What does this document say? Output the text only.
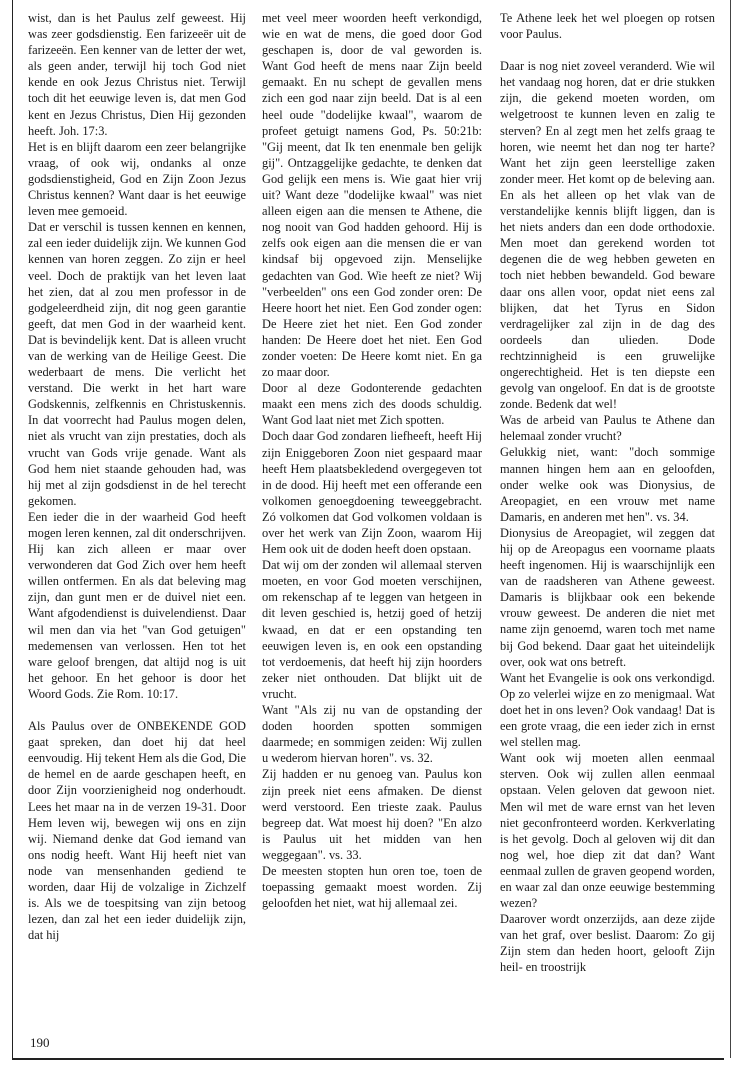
wist, dan is het Paulus zelf geweest. Hij was zeer godsdienstig. Een farizeeër uit de farizeeën. Een kenner van de letter der wet, als geen ander, terwijl hij toch God niet kende en ook Jezus Christus niet. Terwijl toch dit het eeuwige leven is, dat men God kent en Jezus Christus, Dien Hij gezonden heeft. Joh. 17:3.

Het is en blijft daarom een zeer belangrijke vraag, of ook wij, ondanks al onze godsdienstigheid, God en Zijn Zoon Jezus Christus kennen? Want daar is het eeuwige leven mee gemoeid.

Dat er verschil is tussen kennen en kennen, zal een ieder duidelijk zijn. We kunnen God kennen van horen zeggen. Zo zijn er heel veel. Doch de praktijk van het leven laat het zien, dat al zou men professor in de godgeleerdheid zijn, dit nog geen garantie geeft, dat men God in der waarheid kent. Dat is bevindelijk kent. Dat is alleen vrucht van de werking van de Heilige Geest. Die wederbaart de mens. Die verlicht het verstand. Die werkt in het hart ware Godskennis, zelfkennis en Christuskennis. In dat voorrecht had Paulus mogen delen, niet als vrucht van zijn prestaties, doch als vrucht van Gods vrije genade. Want als God hem niet staande gehouden had, was hij met al zijn godsdienst in de hel terecht gekomen.

Een ieder die in der waarheid God heeft mogen leren kennen, zal dit onderschrijven. Hij kan zich alleen er maar over verwonderen dat God Zich over hem heeft willen ontfermen. En als dat beleving mag zijn, dan gunt men er de duivel niet een. Want afgodendienst is duivelendienst. Daar wil men dan via het "van God getuigen" medemensen van verlossen. Hen tot het ware geloof brengen, dat altijd nog is uit het gehoor. En het gehoor is door het Woord Gods. Zie Rom. 10:17.

Als Paulus over de ONBEKENDE GOD gaat spreken, dan doet hij dat heel eenvoudig. Hij tekent Hem als die God, Die de hemel en de aarde geschapen heeft, en door Zijn voorzienigheid nog onderhoudt. Lees het maar na in de verzen 19-31. Door Hem leven wij, bewegen wij ons en zijn wij. Niemand denke dat God iemand van ons nodig heeft. Want Hij heeft niet van node van mensenhanden gediend te worden, daar Hij de volzalige in Zichzelf is. Als we de toespitsing van zijn betoog lezen, dan zal het een ieder duidelijk zijn, dat hij

met veel meer woorden heeft verkondigd, wie en wat de mens, die goed door God geschapen is, door de val geworden is. Want God heeft de mens naar Zijn beeld gemaakt. En nu schept de gevallen mens zich een god naar zijn beeld. Dat is al een heel oude "dodelijke kwaal", waarom de profeet getuigt namens God, Ps. 50:21b: "Gij meent, dat Ik ten enenmale ben gelijk gij". Ontzaggelijke gedachte, te denken dat God gelijk een mens is. Wie gaat hier vrij uit? Want deze "dodelijke kwaal" was niet alleen eigen aan die mensen te Athene, die nog nooit van God hadden gehoord. Hij is zelfs ook eigen aan die mensen die er van kindsaf bij opgevoed zijn. Menselijke gedachten van God. Wie heeft ze niet? Wij "verbeelden" ons een God zonder oren: De Heere hoort het niet. Een God zonder ogen: De Heere ziet het niet. Een God zonder handen: De Heere doet het niet. Een God zonder voeten: De Heere komt niet. En ga zo maar door.

Door al deze Godonterende gedachten maakt een mens zich des doods schuldig. Want God laat niet met Zich spotten.

Doch daar God zondaren liefheeft, heeft Hij zijn Eniggeboren Zoon niet gespaard maar heeft Hem plaatsbekledend overgegeven tot in de dood. Hij heeft met een offerande een volkomen genoegdoening teweeggebracht. Zó volkomen dat God volkomen voldaan is over het werk van Zijn Zoon, waarom Hij Hem ook uit de doden heeft doen opstaan.

Dat wij om der zonden wil allemaal sterven moeten, en voor God moeten verschijnen, om rekenschap af te leggen van hetgeen in dit leven geschied is, hetzij goed of hetzij kwaad, en dat er een opstanding ten eeuwigen leven is, en ook een opstanding tot verdoemenis, dat heeft hij zijn hoorders zeker niet onthouden. Dat blijkt uit de vrucht.

Want "Als zij nu van de opstanding der doden hoorden spotten sommigen daarmede; en sommigen zeiden: Wij zullen u wederom hiervan horen". vs. 32.

Zij hadden er nu genoeg van. Paulus kon zijn preek niet eens afmaken. De dienst werd verstoord. Een trieste zaak. Paulus begreep dat. Wat moest hij doen? "En alzo is Paulus uit het midden van hen weggegaan". vs. 33.

De meesten stopten hun oren toe, toen de toepassing gemaakt moest worden. Zij geloofden het niet, wat hij allemaal zei.

Te Athene leek het wel ploegen op rotsen voor Paulus.

Daar is nog niet zoveel veranderd. Wie wil het vandaag nog horen, dat er drie stukken zijn, die gekend moeten worden, om welgetroost te kunnen leven en zalig te sterven? En al zegt men het zelfs graag te horen, wie neemt het dan nog ter harte? Want het zijn geen leerstellige zaken zonder meer. Het komt op de beleving aan. En als het alleen op het vlak van de verstandelijke kennis blijft liggen, dan is het niets anders dan een dode orthodoxie. Men moet dan gerekend worden tot degenen die de weg hebben geweten en toch niet hebben bewandeld. God beware daar ons allen voor, opdat niet eens zal blijken, dat het Tyrus en Sidon verdragelijker zal zijn in de dag des oordeels dan ulieden. Dode rechtzinnigheid is een gruwelijke ongerechtigheid. Het is ten diepste een gevolg van ongeloof. En dat is de grootste zonde. Bedenk dat wel!

Was de arbeid van Paulus te Athene dan helemaal zonder vrucht?

Gelukkig niet, want: "doch sommige mannen hingen hem aan en geloofden, onder welke ook was Dionysius, de Areopagiet, en een vrouw met name Damaris, en anderen met hen". vs. 34.

Dionysius de Areopagiet, wil zeggen dat hij op de Areopagus een voorname plaats heeft ingenomen. Hij is waarschijnlijk een van de raadsheren van Athene geweest. Damaris is blijkbaar ook een bekende vrouw geweest. De anderen die niet met name zijn genoemd, waren toch met name bij God bekend. Daar gaat het uiteindelijk over, ook wat ons betreft.

Want het Evangelie is ook ons verkondigd. Op zo velerlei wijze en zo menigmaal. Wat doet het in ons leven? Ook vandaag! Dat is een grote vraag, die een ieder zich in ernst wel stellen mag.

Want ook wij moeten allen eenmaal sterven. Ook wij zullen allen eenmaal opstaan. Velen geloven dat gewoon niet. Men wil met de ware ernst van het leven niet geconfronteerd worden. Kerkverlating is het gevolg. Doch al geloven wij dit dan nog wel, hoe diep zit dat dan? Want eenmaal zullen de graven geopend worden, en waar zal dan onze eeuwige bestemming wezen?

Daarover wordt onzerzijds, aan deze zijde van het graf, over beslist. Daarom: Zo gij Zijn stem dan heden hoort, gelooft Zijn heil- en troostrijk

190
